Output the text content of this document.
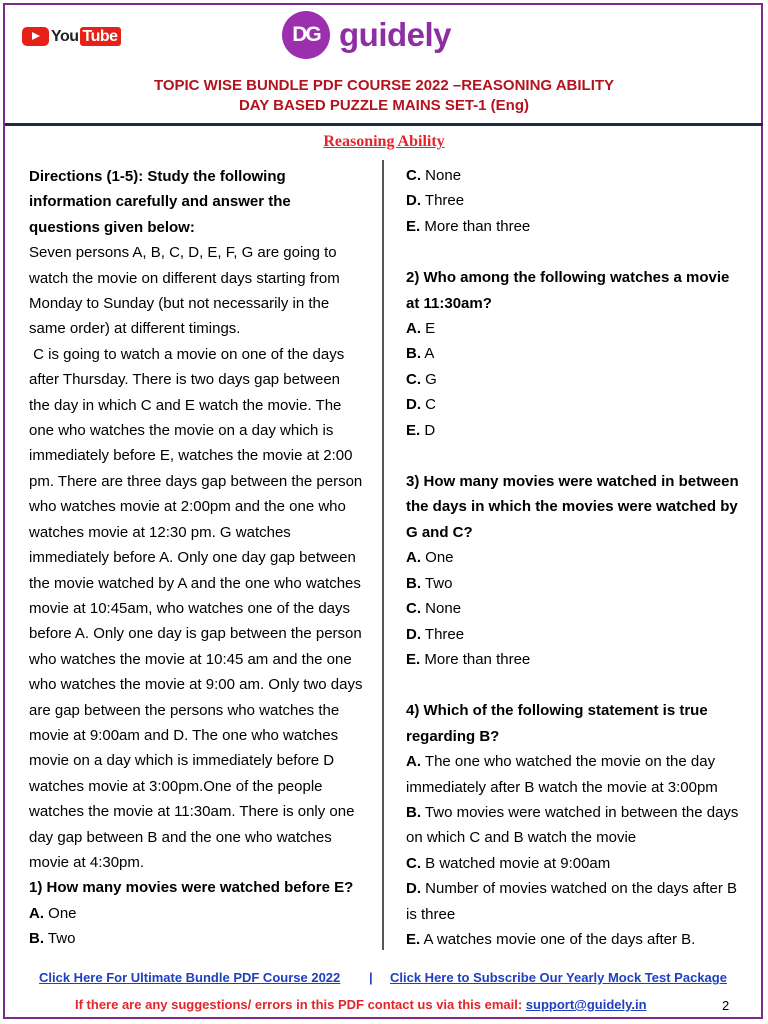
You Tube	DG guidely
TOPIC WISE BUNDLE PDF COURSE 2022 –REASONING ABILITY
DAY BASED PUZZLE MAINS SET-1 (Eng)
Reasoning Ability

Directions (1-5): Study the following information carefully and answer the questions given below:

Seven persons A, B, C, D, E, F, G are going to watch the movie on different days starting from Monday to Sunday (but not necessarily in the same order) at different timings.

C is going to watch a movie on one of the days after Thursday. There is two days gap between the day in which C and E watch the movie. The one who watches the movie on a day which is immediately before E, watches the movie at 2:00 pm. There are three days gap between the person who watches movie at 2:00pm and the one who watches movie at 12:30 pm. G watches immediately before A. Only one day gap between the movie watched by A and the one who watches movie at 10:45am, who watches one of the days before A. Only one day is gap between the person who watches the movie at 10:45 am and the one who watches the movie at 9:00 am. Only two days are gap between the persons who watches the movie at 9:00am and D. The one who watches movie on a day which is immediately before D watches movie at 3:00pm.One of the people watches the movie at 11:30am. There is only one day gap between B and the one who watches movie at 4:30pm.

1) How many movies were watched before E?

A. One

B. Two

C. None

D. Three

E. More than three

2) Who among the following watches a movie at 11:30am?

A. E

B. A

C. G

D. C

E. D

3) How many movies were watched in between the days in which the movies were watched by G and C?

A. One

B. Two

C. None

D. Three

E. More than three

4) Which of the following statement is true regarding B?

A. The one who watched the movie on the day immediately after B watch the movie at 3:00pm

B. Two movies were watched in between the days on which C and B watch the movie

C. B watched movie at 9:00am

D. Number of movies watched on the days after B is three

E. A watches movie one of the days after B.

Click Here For Ultimate Bundle PDF Course 2022 | Click Here to Subscribe Our Yearly Mock Test Package
If there are any suggestions/ errors in this PDF contact us via this email: support@guidely.in	2
